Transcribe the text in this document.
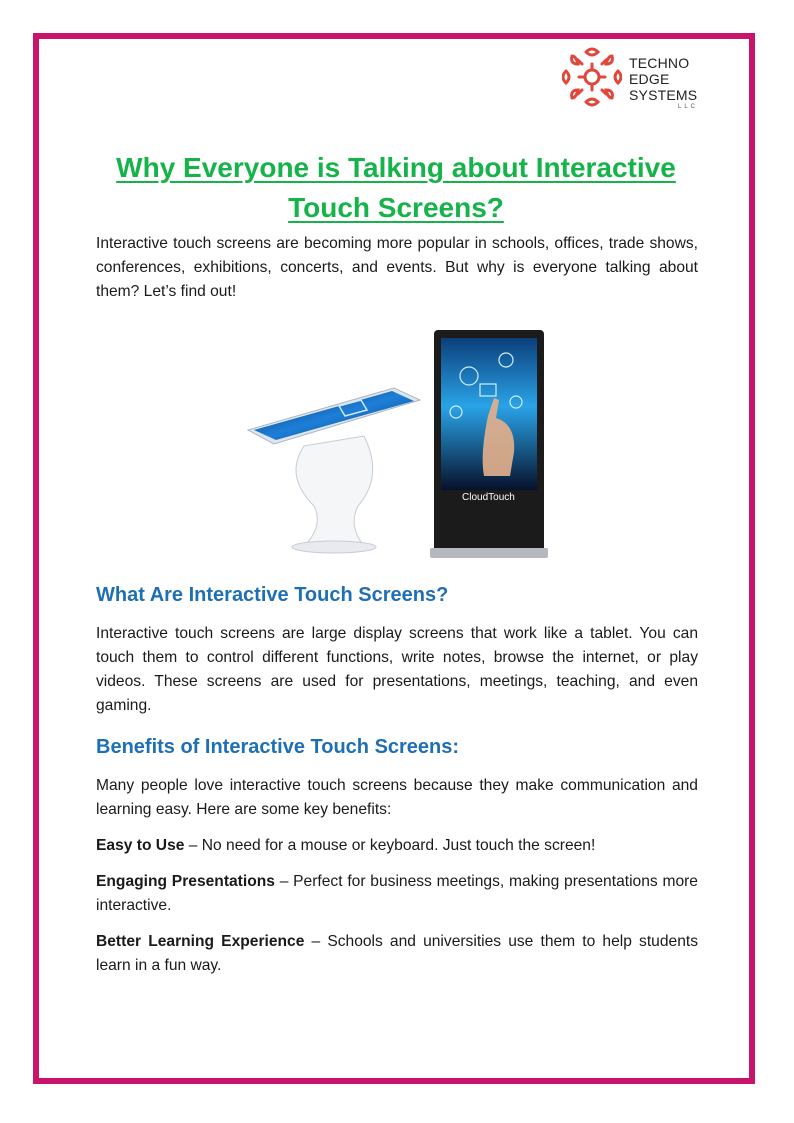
TECHNO
EDGE
SYSTEMS
LLC
Why Everyone is Talking about Interactive Touch Screens?

Interactive touch screens are becoming more popular in schools, offices, trade shows, conferences, exhibitions, concerts, and events. But why is everyone talking about them? Let’s find out!

CloudTouch
What Are Interactive Touch Screens?

Interactive touch screens are large display screens that work like a tablet. You can touch them to control different functions, write notes, browse the internet, or play videos. These screens are used for presentations, meetings, teaching, and even gaming.

Benefits of Interactive Touch Screens:

Many people love interactive touch screens because they make communication and learning easy. Here are some key benefits:

Easy to Use – No need for a mouse or keyboard. Just touch the screen!

Engaging Presentations – Perfect for business meetings, making presentations more interactive.

Better Learning Experience – Schools and universities use them to help students learn in a fun way.
